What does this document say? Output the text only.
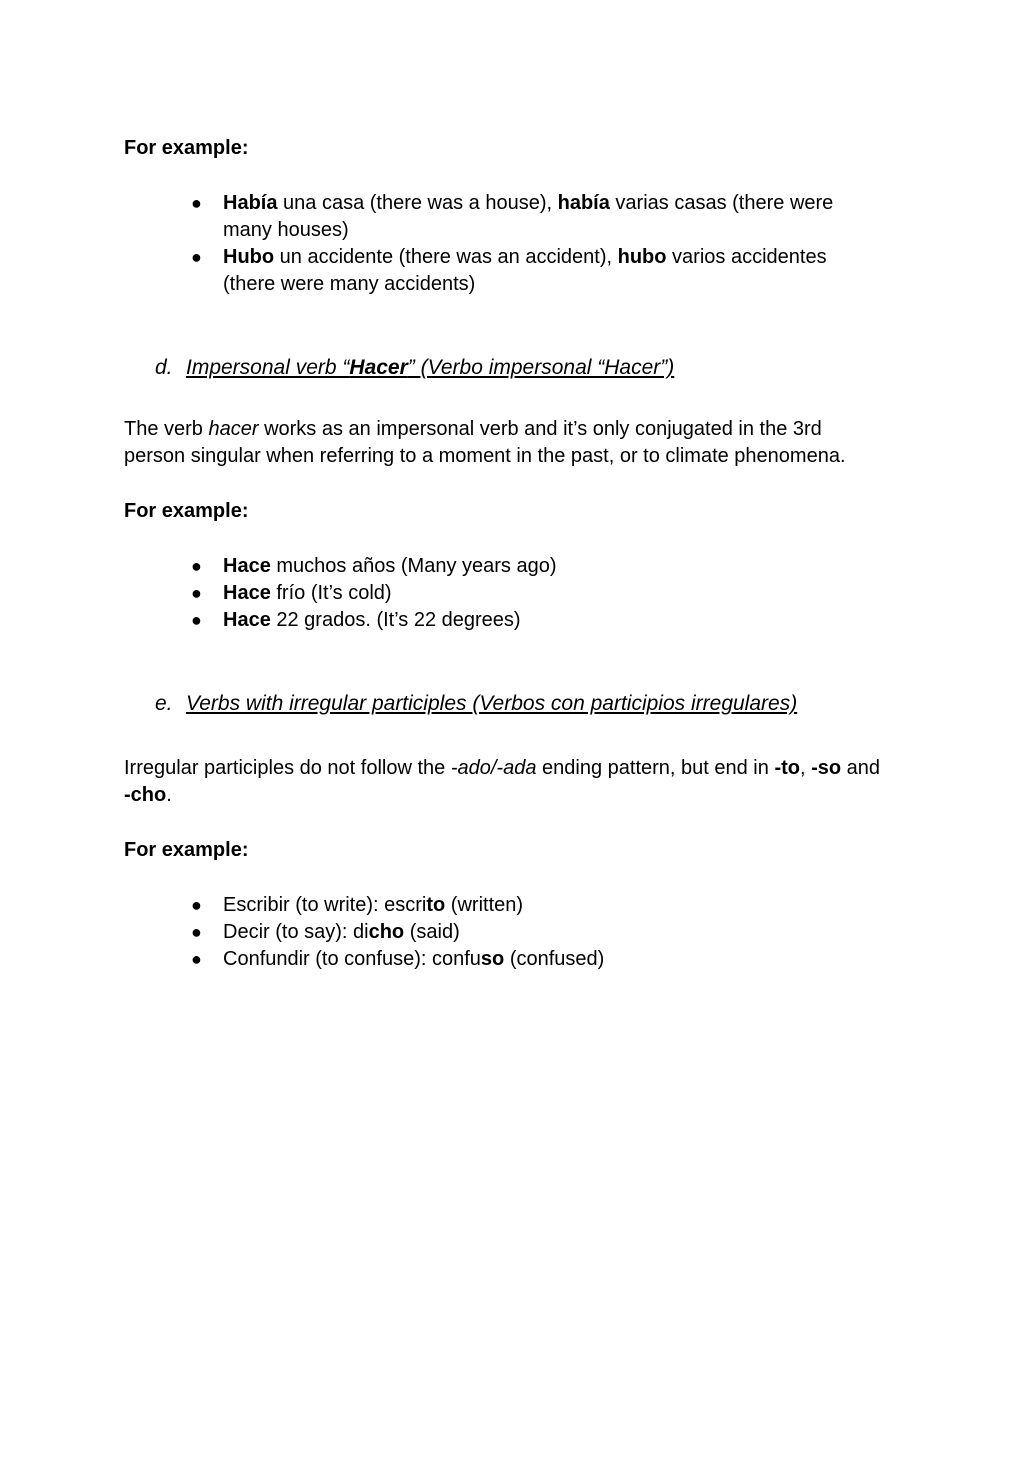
For example:

● Había una casa (there was a house), había varias casas (there were many houses)
● Hubo un accidente (there was an accident), hubo varios accidentes (there were many accidents)
d. Impersonal verb “Hacer” (Verbo impersonal “Hacer”)

The verb hacer works as an impersonal verb and it’s only conjugated in the 3rd person singular when referring to a moment in the past, or to climate phenomena.

For example:

● Hace muchos años (Many years ago)
● Hace frío (It’s cold)
● Hace 22 grados. (It’s 22 degrees)
e. Verbs with irregular participles (Verbos con participios irregulares)

Irregular participles do not follow the -ado/-ada ending pattern, but end in -to, -so and -cho.

For example:

● Escribir (to write): escrito (written)
● Decir (to say): dicho (said)
● Confundir (to confuse): confuso (confused)
